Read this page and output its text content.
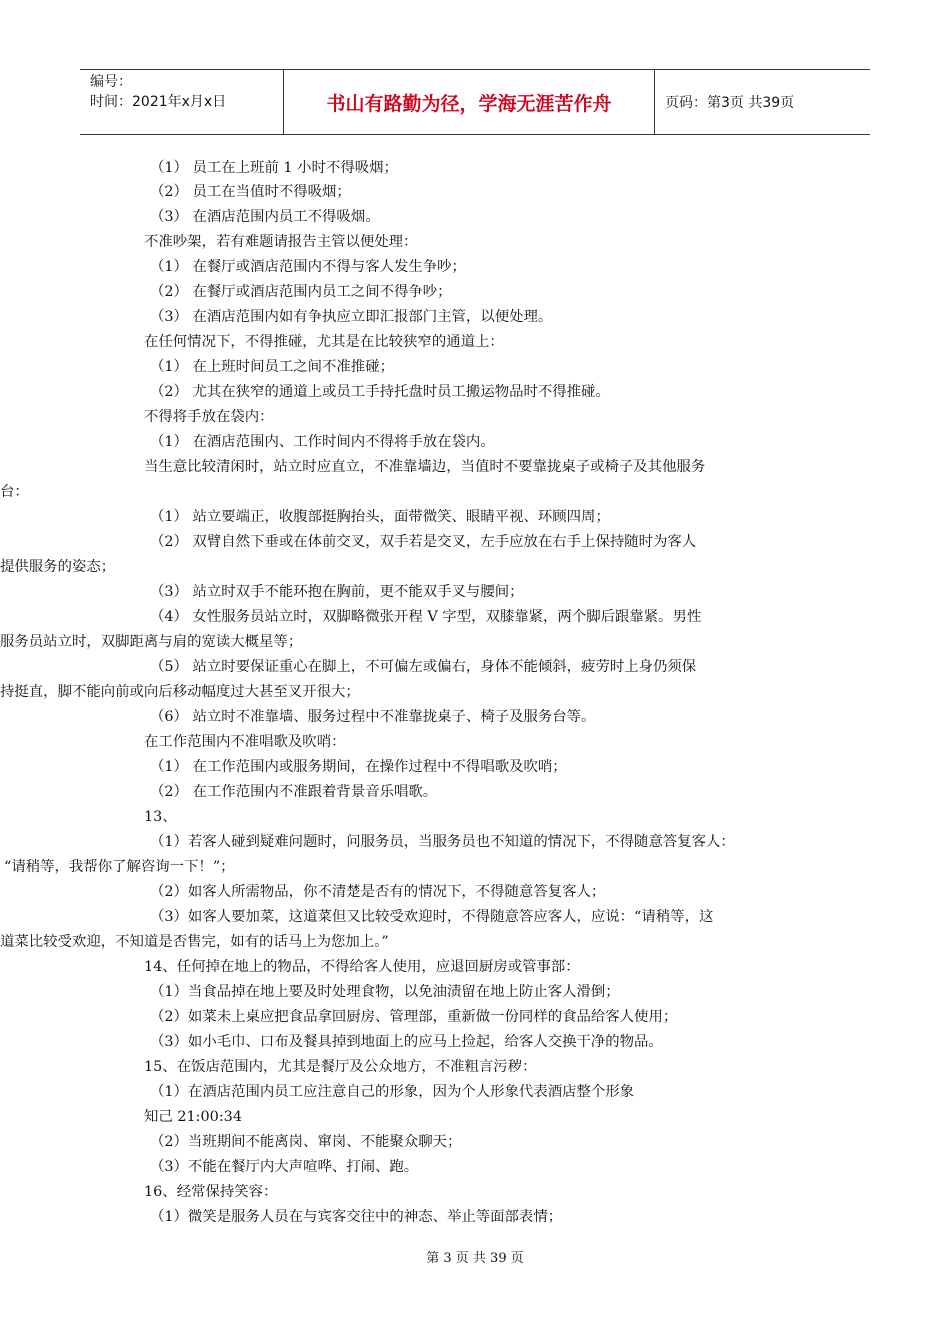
编号：
时间：2021年x月x日	书山有路勤为径，学海无涯苦作舟	页码：第3页 共39页
（1） 员工在上班前 1 小时不得吸烟；
（2） 员工在当值时不得吸烟；
（3） 在酒店范围内员工不得吸烟。
不准吵架，若有难题请报告主管以便处理：
（1） 在餐厅或酒店范围内不得与客人发生争吵；
（2） 在餐厅或酒店范围内员工之间不得争吵；
（3） 在酒店范围内如有争执应立即汇报部门主管，以便处理。
在任何情况下，不得推碰，尤其是在比较狭窄的通道上：
（1） 在上班时间员工之间不准推碰；
（2） 尤其在狭窄的通道上或员工手持托盘时员工搬运物品时不得推碰。
不得将手放在袋内：
（1） 在酒店范围内、工作时间内不得将手放在袋内。
当生意比较清闲时，站立时应直立，不准靠墙边，当值时不要靠拢桌子或椅子及其他服务
台：
（1） 站立要端正，收腹部挺胸抬头，面带微笑、眼睛平视、环顾四周；
（2） 双臂自然下垂或在体前交叉，双手若是交叉，左手应放在右手上保持随时为客人
提供服务的姿态；
（3） 站立时双手不能环抱在胸前，更不能双手叉与腰间；
（4） 女性服务员站立时，双脚略微张开程 V 字型，双膝靠紧，两个脚后跟靠紧。男性
服务员站立时，双脚距离与肩的宽读大概星等；
（5） 站立时要保证重心在脚上，不可偏左或偏右，身体不能倾斜，疲劳时上身仍须保
持挺直，脚不能向前或向后移动幅度过大甚至叉开很大；
（6） 站立时不准靠墙、服务过程中不准靠拢桌子、椅子及服务台等。
在工作范围内不准唱歌及吹哨：
（1） 在工作范围内或服务期间，在操作过程中不得唱歌及吹哨；
（2） 在工作范围内不准跟着背景音乐唱歌。
13、
（1）若客人碰到疑难问题时，问服务员，当服务员也不知道的情况下，不得随意答复客人：
“请稍等，我帮你了解咨询一下！”；
（2）如客人所需物品，你不清楚是否有的情况下，不得随意答复客人；
（3）如客人要加菜，这道菜但又比较受欢迎时，不得随意答应客人，应说：“请稍等，这
道菜比较受欢迎，不知道是否售完，如有的话马上为您加上。”
14、任何掉在地上的物品，不得给客人使用，应退回厨房或管事部：
（1）当食品掉在地上要及时处理食物，以免油渍留在地上防止客人滑倒；
（2）如菜未上桌应把食品拿回厨房、管理部，重新做一份同样的食品给客人使用；
（3）如小毛巾、口布及餐具掉到地面上的应马上捡起，给客人交换干净的物品。
15、在饭店范围内，尤其是餐厅及公众地方，不准粗言污秽：
（1）在酒店范围内员工应注意自己的形象，因为个人形象代表酒店整个形象
知己 21:00:34
（2）当班期间不能离岗、窜岗、不能聚众聊天；
（3）不能在餐厅内大声喧哗、打闹、跑。
16、经常保持笑容：
（1）微笑是服务人员在与宾客交往中的神态、举止等面部表情；
第 3 页 共 39 页
